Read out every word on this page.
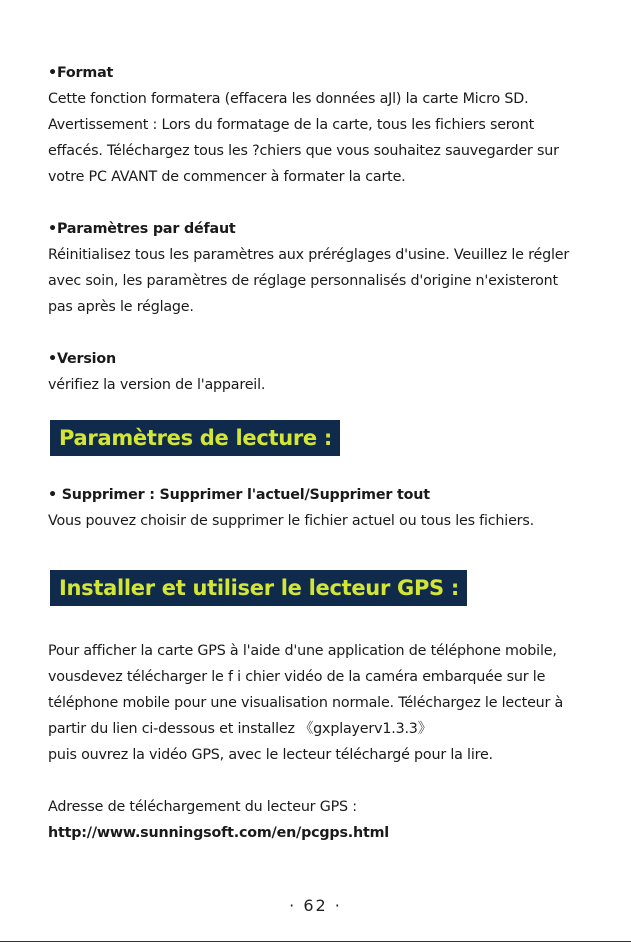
•Format

Cette fonction formatera (effacera les données aJl) la carte Micro SD.

Avertissement : Lors du formatage de la carte, tous les fichiers seront

effacés. Téléchargez tous les ?chiers que vous souhaitez sauvegarder sur

votre PC AVANT de commencer à formater la carte.

•Paramètres par défaut

Réinitialisez tous les paramètres aux préréglages d'usine. Veuillez le régler

avec soin, les paramètres de réglage personnalisés d'origine n'existeront

pas après le réglage.

•Version

vérifiez la version de l'appareil.

Paramètres de lecture :

• Supprimer : Supprimer l'actuel/Supprimer tout

Vous pouvez choisir de supprimer le fichier actuel ou tous les fichiers.

Installer et utiliser le lecteur GPS :

Pour afficher la carte GPS à l'aide d'une application de téléphone mobile,

vousdevez télécharger le f i chier vidéo de la caméra embarquée sur le

téléphone mobile pour une visualisation normale. Téléchargez le lecteur à

partir du lien ci-dessous et installez 《gxplayerv1.3.3》

puis ouvrez la vidéo GPS, avec le lecteur téléchargé pour la lire.

Adresse de téléchargement du lecteur GPS :

http://www.sunningsoft.com/en/pcgps.html

· 62 ·
